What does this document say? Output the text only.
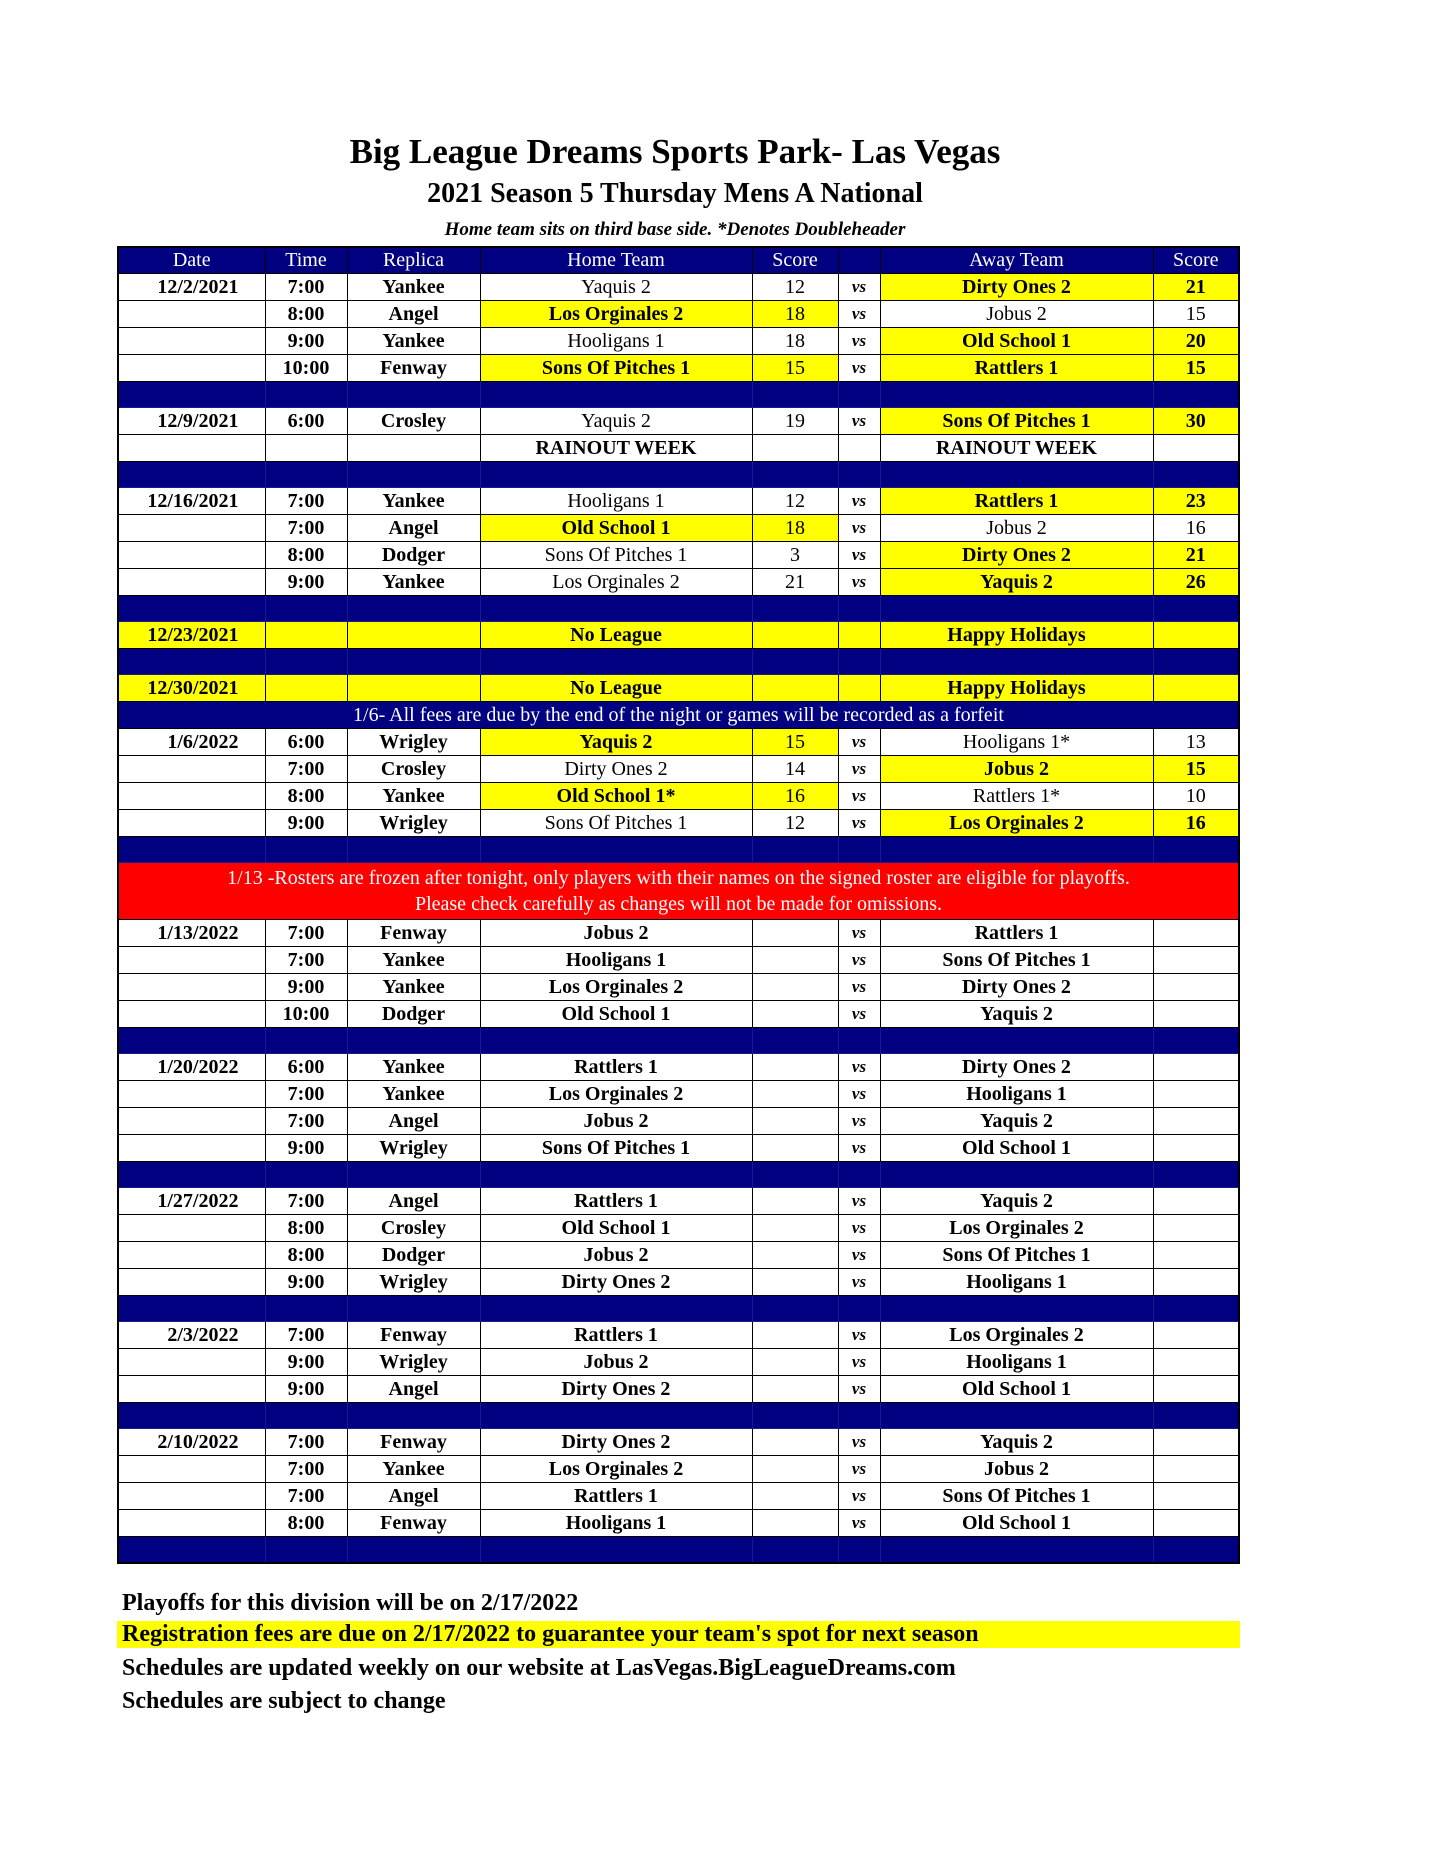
Big League Dreams Sports Park- Las Vegas
2021 Season 5 Thursday Mens A National
Home team sits on third base side. *Denotes Doubleheader
Date	Time	Replica	Home Team	Score		Away Team	Score
12/2/2021	7:00	Yankee	Yaquis 2	12	vs	Dirty Ones 2	21
	8:00	Angel	Los Orginales 2	18	vs	Jobus 2	15
	9:00	Yankee	Hooligans 1	18	vs	Old School 1	20
	10:00	Fenway	Sons Of Pitches 1	15	vs	Rattlers 1	15

12/9/2021	6:00	Crosley	Yaquis 2	19	vs	Sons Of Pitches 1	30
			RAINOUT WEEK			RAINOUT WEEK	

12/16/2021	7:00	Yankee	Hooligans 1	12	vs	Rattlers 1	23
	7:00	Angel	Old School 1	18	vs	Jobus 2	16
	8:00	Dodger	Sons Of Pitches 1	3	vs	Dirty Ones 2	21
	9:00	Yankee	Los Orginales 2	21	vs	Yaquis 2	26

12/23/2021			No League			Happy Holidays	

12/30/2021			No League			Happy Holidays	
1/6- All fees are due by the end of the night or games will be recorded as a forfeit							
1/6/2022	6:00	Wrigley	Yaquis 2	15	vs	Hooligans 1*	13
	7:00	Crosley	Dirty Ones 2	14	vs	Jobus 2	15
	8:00	Yankee	Old School 1*	16	vs	Rattlers 1*	10
	9:00	Wrigley	Sons Of Pitches 1	12	vs	Los Orginales 2	16

1/13 -Rosters are frozen after tonight, only players with their names on the signed roster are eligible for playoffs.
Please check carefully as changes will not be made for omissions.							

1/13/2022	7:00	Fenway	Jobus 2		vs	Rattlers 1	
	7:00	Yankee	Hooligans 1		vs	Sons Of Pitches 1	
	9:00	Yankee	Los Orginales 2		vs	Dirty Ones 2	
	10:00	Dodger	Old School 1		vs	Yaquis 2	

1/20/2022	6:00	Yankee	Rattlers 1		vs	Dirty Ones 2	
	7:00	Yankee	Los Orginales 2		vs	Hooligans 1	
	7:00	Angel	Jobus 2		vs	Yaquis 2	
	9:00	Wrigley	Sons Of Pitches 1		vs	Old School 1	

1/27/2022	7:00	Angel	Rattlers 1		vs	Yaquis 2	
	8:00	Crosley	Old School 1		vs	Los Orginales 2	
	8:00	Dodger	Jobus 2		vs	Sons Of Pitches 1	
	9:00	Wrigley	Dirty Ones 2		vs	Hooligans 1	

2/3/2022	7:00	Fenway	Rattlers 1		vs	Los Orginales 2	
	9:00	Wrigley	Jobus 2		vs	Hooligans 1	
	9:00	Angel	Dirty Ones 2		vs	Old School 1	

2/10/2022	7:00	Fenway	Dirty Ones 2		vs	Yaquis 2	
	7:00	Yankee	Los Orginales 2		vs	Jobus 2	
	7:00	Angel	Rattlers 1		vs	Sons Of Pitches 1	
	8:00	Fenway	Hooligans 1		vs	Old School 1	

Playoffs for this division will be on 2/17/2022
Registration fees are due on 2/17/2022 to guarantee your team's spot for next season
Schedules are updated weekly on our website at LasVegas.BigLeagueDreams.com
Schedules are subject to change
